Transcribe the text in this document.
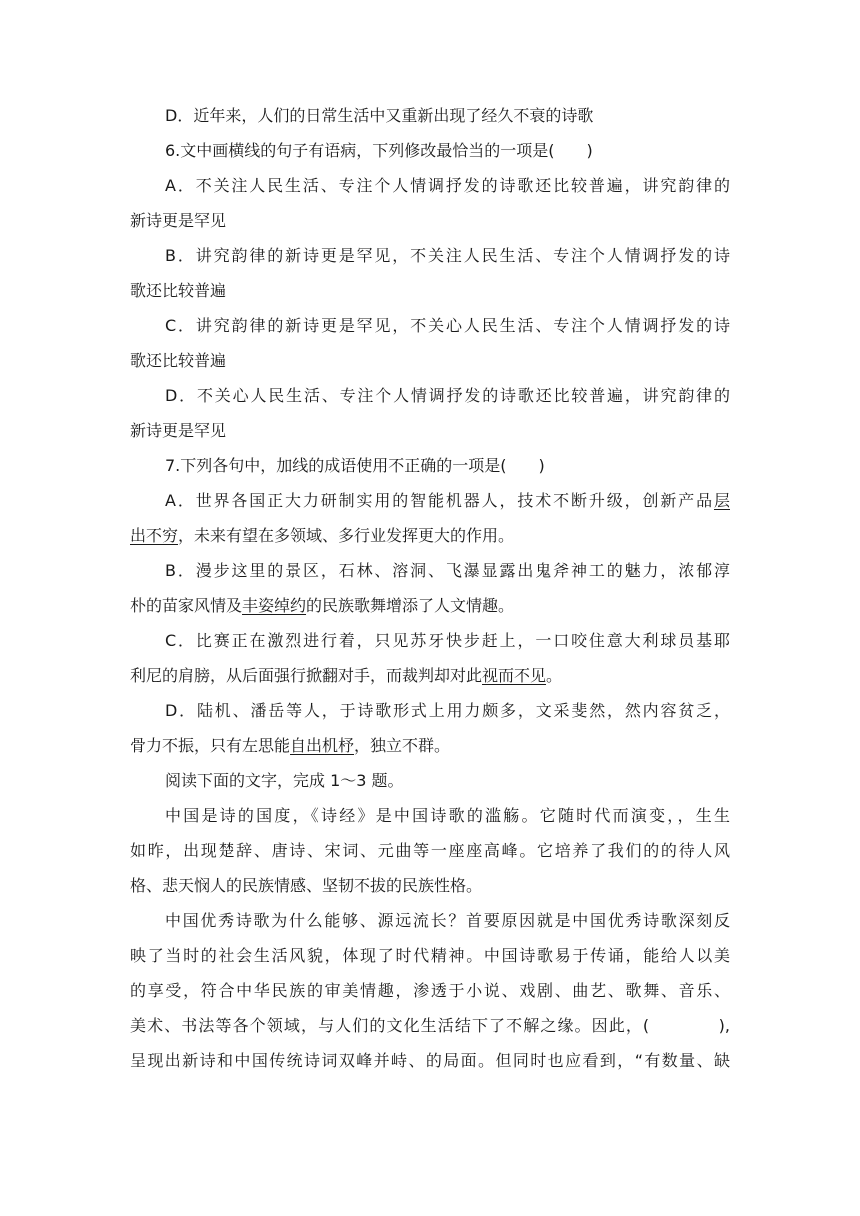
D．近年来，人们的日常生活中又重新出现了经久不衰的诗歌
6.文中画横线的句子有语病，下列修改最恰当的一项是(　　)
A．不关注人民生活、专注个人情调抒发的诗歌还比较普遍，讲究韵律的
新诗更是罕见
B．讲究韵律的新诗更是罕见，不关注人民生活、专注个人情调抒发的诗
歌还比较普遍
C．讲究韵律的新诗更是罕见，不关心人民生活、专注个人情调抒发的诗
歌还比较普遍
D．不关心人民生活、专注个人情调抒发的诗歌还比较普遍，讲究韵律的
新诗更是罕见
7.下列各句中，加线的成语使用不正确的一项是(　　)
A．世界各国正大力研制实用的智能机器人，技术不断升级，创新产品层
出不穷，未来有望在多领域、多行业发挥更大的作用。
B．漫步这里的景区，石林、溶洞、飞瀑显露出鬼斧神工的魅力，浓郁淳
朴的苗家风情及丰姿绰约的民族歌舞增添了人文情趣。
C．比赛正在激烈进行着，只见苏牙快步赶上，一口咬住意大利球员基耶
利尼的肩膀，从后面强行掀翻对手，而裁判却对此视而不见。
D．陆机、潘岳等人，于诗歌形式上用力颇多，文采斐然，然内容贫乏，
骨力不振，只有左思能自出机杼，独立不群。
阅读下面的文字，完成 1～3 题。
中国是诗的国度，《诗经》是中国诗歌的滥觞。它随时代而演变，，生生
如昨，出现楚辞、唐诗、宋词、元曲等一座座高峰。它培养了我们的的待人风
格、悲天悯人的民族情感、坚韧不拔的民族性格。
中国优秀诗歌为什么能够、源远流长？首要原因就是中国优秀诗歌深刻反
映了当时的社会生活风貌，体现了时代精神。中国诗歌易于传诵，能给人以美
的享受，符合中华民族的审美情趣，渗透于小说、戏剧、曲艺、歌舞、音乐、
美术、书法等各个领域，与人们的文化生活结下了不解之缘。因此，(　　　　),
呈现出新诗和中国传统诗词双峰并峙、的局面。但同时也应看到，“有数量、缺
